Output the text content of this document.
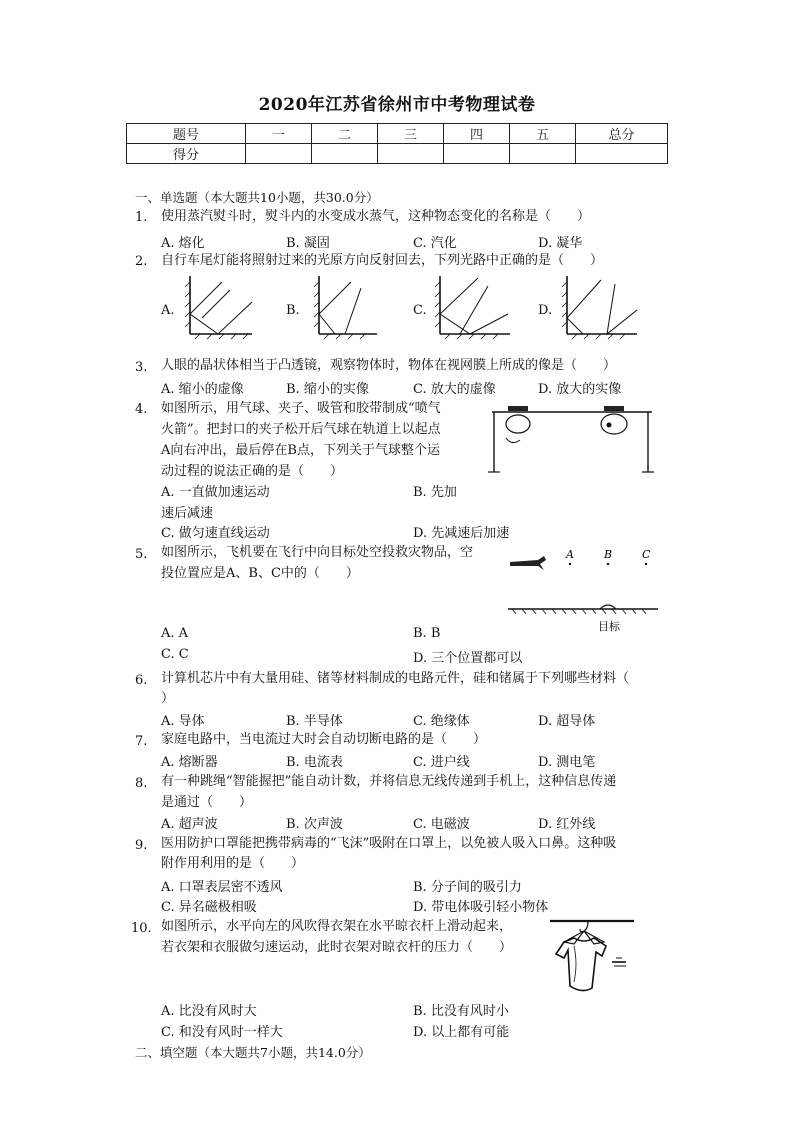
2020年江苏省徐州市中考物理试卷
题号	一	二	三	四	五	总分
得分						
一、单选题（本大题共10小题，共30.0分）
1.	使用蒸汽熨斗时，熨斗内的水变成水蒸气，这种物态变化的名称是（　　）
A. 熔化	B. 凝固	C. 汽化	D. 凝华
2.	自行车尾灯能将照射过来的光原方向反射回去，下列光路中正确的是（　　）
A.	B.	C.	D.
3.	人眼的晶状体相当于凸透镜，观察物体时，物体在视网膜上所成的像是（　　）
A. 缩小的虚像	B. 缩小的实像	C. 放大的虚像	D. 放大的实像
4.	如图所示，用气球、夹子、吸管和胶带制成“喷气
火箭”。把封口的夹子松开后气球在轨道上以起点
A向右冲出，最后停在B点，下列关于气球整个运
动过程的说法正确的是（　　）
A. 一直做加速运动	B. 先加
速后减速
C. 做匀速直线运动	D. 先减速后加速
5.	如图所示，飞机要在飞行中向目标处空投救灾物品，空
投位置应是A、B、C中的（　　）
A	B	C
目标
A. A	B. B
C. C	D. 三个位置都可以
6.	计算机芯片中有大量用硅、锗等材料制成的电路元件，硅和锗属于下列哪些材料（
）
A. 导体	B. 半导体	C. 绝缘体	D. 超导体
7.	家庭电路中，当电流过大时会自动切断电路的是（　　）
A. 熔断器	B. 电流表	C. 进户线	D. 测电笔
8.	有一种跳绳“智能握把”能自动计数，并将信息无线传递到手机上，这种信息传递
是通过（　　）
A. 超声波	B. 次声波	C. 电磁波	D. 红外线
9.	医用防护口罩能把携带病毒的“飞沫”吸附在口罩上，以免被人吸入口鼻。这种吸
附作用利用的是（　　）
A. 口罩表层密不透风	B. 分子间的吸引力
C. 异名磁极相吸	D. 带电体吸引轻小物体
10. 如图所示，水平向左的风吹得衣架在水平晾衣杆上滑动起来，
若衣架和衣服做匀速运动，此时衣架对晾衣杆的压力（　　）
A. 比没有风时大	B. 比没有风时小
C. 和没有风时一样大	D. 以上都有可能
二、填空题（本大题共7小题，共14.0分）
